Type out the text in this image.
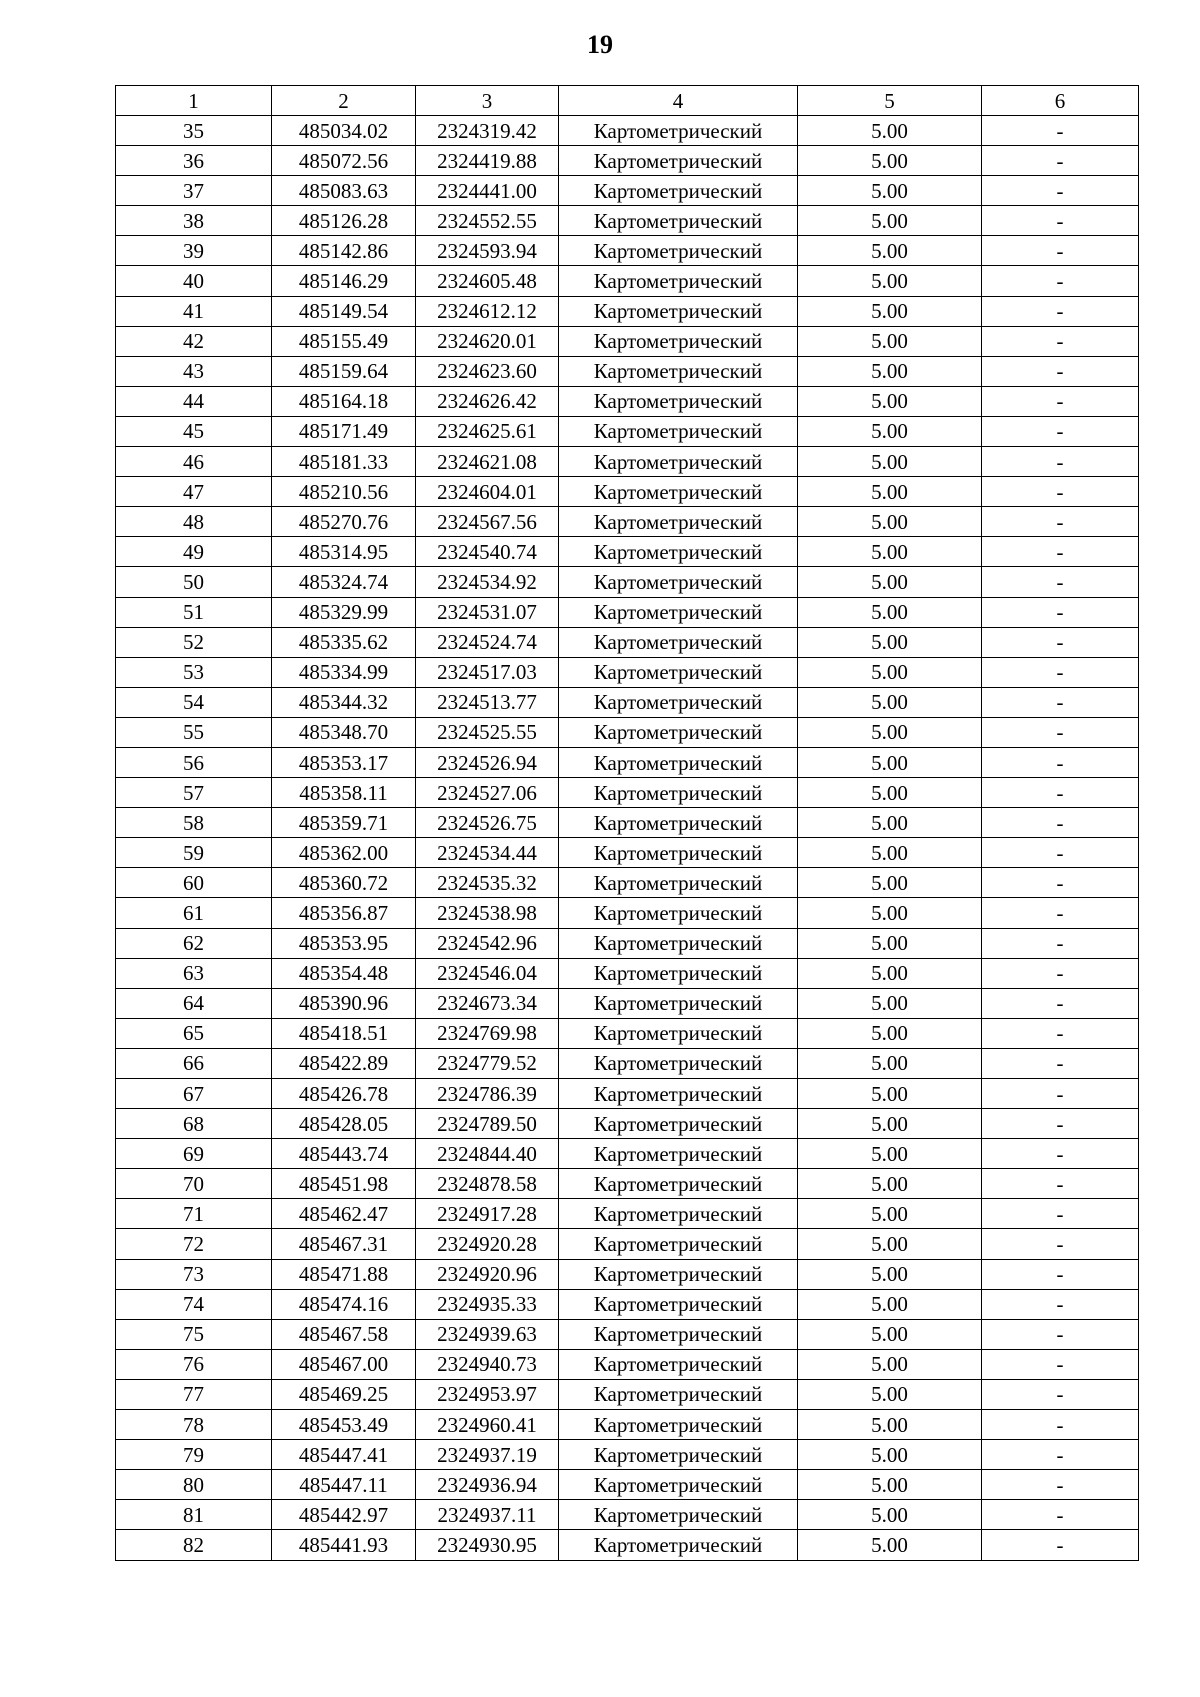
19
1	2	3	4	5	6
35	485034.02	2324319.42	Картометрический	5.00	-
36	485072.56	2324419.88	Картометрический	5.00	-
37	485083.63	2324441.00	Картометрический	5.00	-
38	485126.28	2324552.55	Картометрический	5.00	-
39	485142.86	2324593.94	Картометрический	5.00	-
40	485146.29	2324605.48	Картометрический	5.00	-
41	485149.54	2324612.12	Картометрический	5.00	-
42	485155.49	2324620.01	Картометрический	5.00	-
43	485159.64	2324623.60	Картометрический	5.00	-
44	485164.18	2324626.42	Картометрический	5.00	-
45	485171.49	2324625.61	Картометрический	5.00	-
46	485181.33	2324621.08	Картометрический	5.00	-
47	485210.56	2324604.01	Картометрический	5.00	-
48	485270.76	2324567.56	Картометрический	5.00	-
49	485314.95	2324540.74	Картометрический	5.00	-
50	485324.74	2324534.92	Картометрический	5.00	-
51	485329.99	2324531.07	Картометрический	5.00	-
52	485335.62	2324524.74	Картометрический	5.00	-
53	485334.99	2324517.03	Картометрический	5.00	-
54	485344.32	2324513.77	Картометрический	5.00	-
55	485348.70	2324525.55	Картометрический	5.00	-
56	485353.17	2324526.94	Картометрический	5.00	-
57	485358.11	2324527.06	Картометрический	5.00	-
58	485359.71	2324526.75	Картометрический	5.00	-
59	485362.00	2324534.44	Картометрический	5.00	-
60	485360.72	2324535.32	Картометрический	5.00	-
61	485356.87	2324538.98	Картометрический	5.00	-
62	485353.95	2324542.96	Картометрический	5.00	-
63	485354.48	2324546.04	Картометрический	5.00	-
64	485390.96	2324673.34	Картометрический	5.00	-
65	485418.51	2324769.98	Картометрический	5.00	-
66	485422.89	2324779.52	Картометрический	5.00	-
67	485426.78	2324786.39	Картометрический	5.00	-
68	485428.05	2324789.50	Картометрический	5.00	-
69	485443.74	2324844.40	Картометрический	5.00	-
70	485451.98	2324878.58	Картометрический	5.00	-
71	485462.47	2324917.28	Картометрический	5.00	-
72	485467.31	2324920.28	Картометрический	5.00	-
73	485471.88	2324920.96	Картометрический	5.00	-
74	485474.16	2324935.33	Картометрический	5.00	-
75	485467.58	2324939.63	Картометрический	5.00	-
76	485467.00	2324940.73	Картометрический	5.00	-
77	485469.25	2324953.97	Картометрический	5.00	-
78	485453.49	2324960.41	Картометрический	5.00	-
79	485447.41	2324937.19	Картометрический	5.00	-
80	485447.11	2324936.94	Картометрический	5.00	-
81	485442.97	2324937.11	Картометрический	5.00	-
82	485441.93	2324930.95	Картометрический	5.00	-
